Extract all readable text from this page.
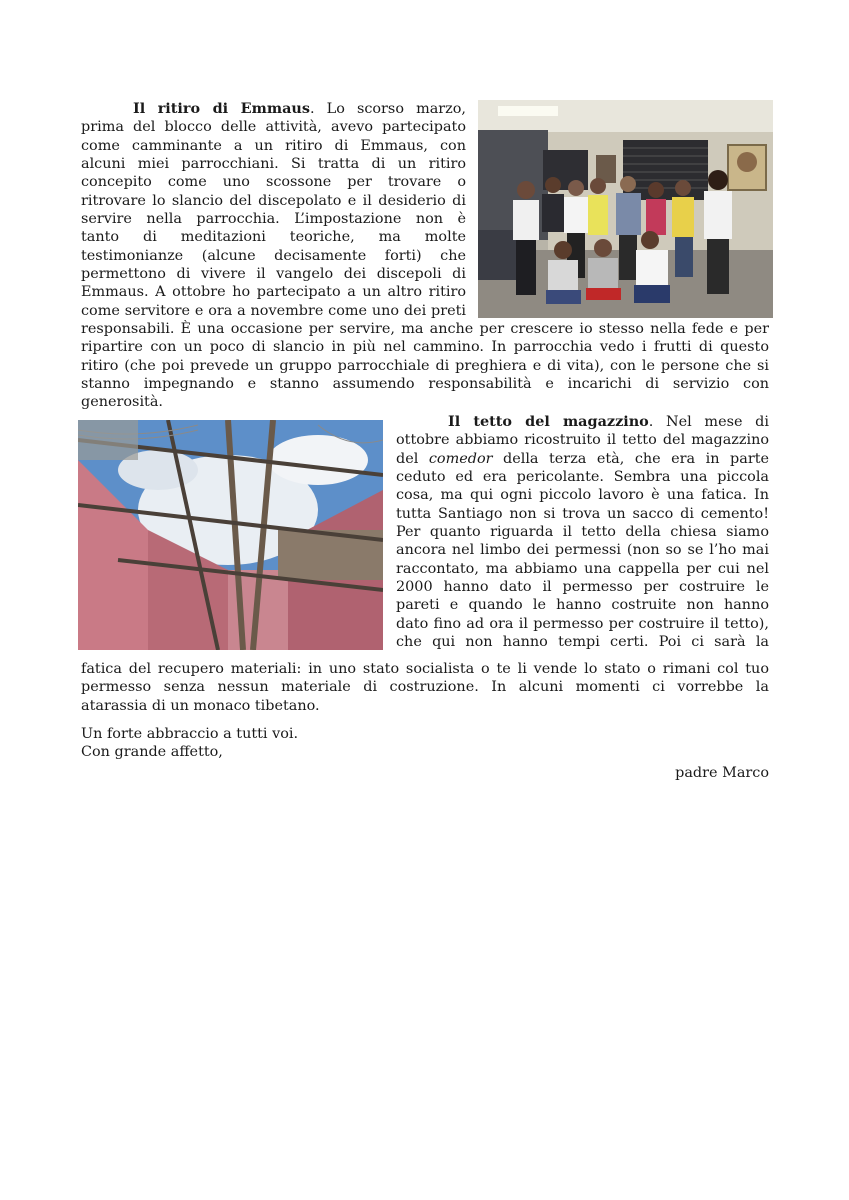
Il ritiro di Emmaus. Lo scorso marzo,
prima del blocco delle attività, avevo partecipato
come camminante a un ritiro di Emmaus, con
alcuni miei parrocchiani. Si tratta di un ritiro
concepito come uno scossone per trovare o
ritrovare lo slancio del discepolato e il desiderio di
servire nella parrocchia. L’impostazione non è
tanto di meditazioni teoriche, ma molte
testimonianze (alcune decisamente forti) che
permettono di vivere il vangelo dei discepoli di
Emmaus. A ottobre ho partecipato a un altro ritiro
come servitore e ora a novembre come uno dei preti
responsabili. È una occasione per servire, ma anche per crescere io stesso nella fede e per
ripartire con un poco di slancio in più nel cammino. In parrocchia vedo i frutti di questo
ritiro (che poi prevede un gruppo parrocchiale di preghiera e di vita), con le persone che si
stanno impegnando e stanno assumendo responsabilità e incarichi di servizio con
generosità.
Il tetto del magazzino. Nel mese di
ottobre abbiamo ricostruito il tetto del magazzino
del comedor della terza età, che era in parte
ceduto ed era pericolante. Sembra una piccola
cosa, ma qui ogni piccolo lavoro è una fatica. In
tutta Santiago non si trova un sacco di cemento!
Per quanto riguarda il tetto della chiesa siamo
ancora nel limbo dei permessi (non so se l’ho mai
raccontato, ma abbiamo una cappella per cui nel
2000 hanno dato il permesso per costruire le
pareti e quando le hanno costruite non hanno
dato fino ad ora il permesso per costruire il tetto),
che qui non hanno tempi certi. Poi ci sarà la
fatica del recupero materiali: in uno stato socialista o te li vende lo stato o rimani col tuo
permesso senza nessun materiale di costruzione. In alcuni momenti ci vorrebbe la
atarassia di un monaco tibetano.
Un forte abbraccio a tutti voi.
Con grande affetto,
padre Marco
